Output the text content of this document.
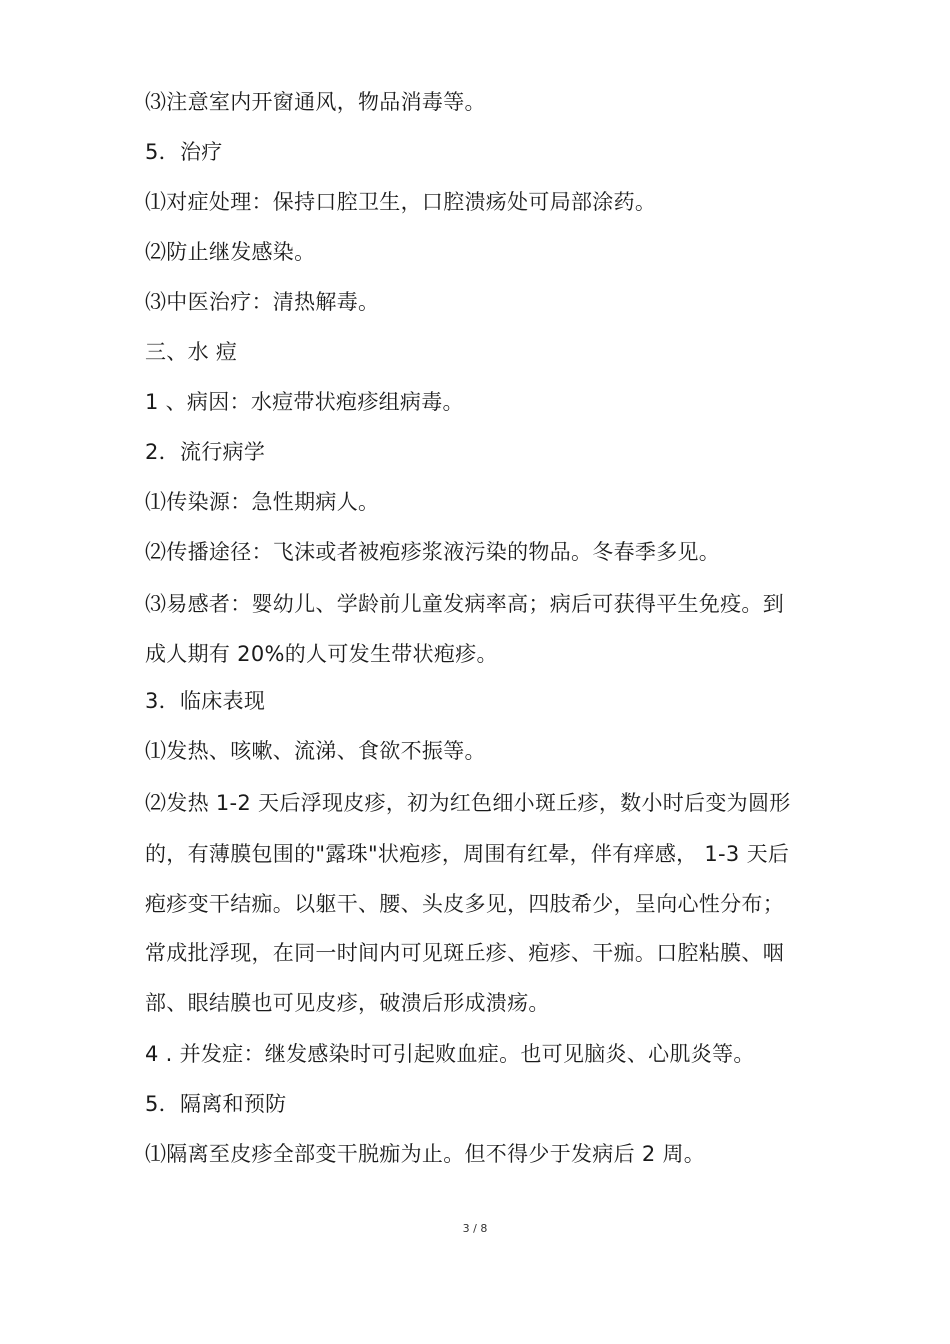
⑶注意室内开窗通风，物品消毒等。
5．治疗
⑴对症处理：保持口腔卫生，口腔溃疡处可局部涂药。
⑵防止继发感染。
⑶中医治疗：清热解毒。
三、水 痘
1 、病因：水痘带状疱疹组病毒。
2．流行病学
⑴传染源：急性期病人。
⑵传播途径：飞沫或者被疱疹浆液污染的物品。冬春季多见。
⑶易感者：婴幼儿、学龄前儿童发病率高；病后可获得平生免疫。到
成人期有 20%的人可发生带状疱疹。
3．临床表现
⑴发热、咳嗽、流涕、食欲不振等。
⑵发热 1-2 天后浮现皮疹，初为红色细小斑丘疹，数小时后变为圆形
的，有薄膜包围的"露珠"状疱疹，周围有红晕，伴有痒感， 1-3 天后
疱疹变干结痂。以躯干、腰、头皮多见，四肢希少，呈向心性分布；
常成批浮现，在同一时间内可见斑丘疹、疱疹、干痂。口腔粘膜、咽
部、眼结膜也可见皮疹，破溃后形成溃疡。
4 . 并发症：继发感染时可引起败血症。也可见脑炎、心肌炎等。
5．隔离和预防
⑴隔离至皮疹全部变干脱痂为止。但不得少于发病后 2 周。
3 / 8
